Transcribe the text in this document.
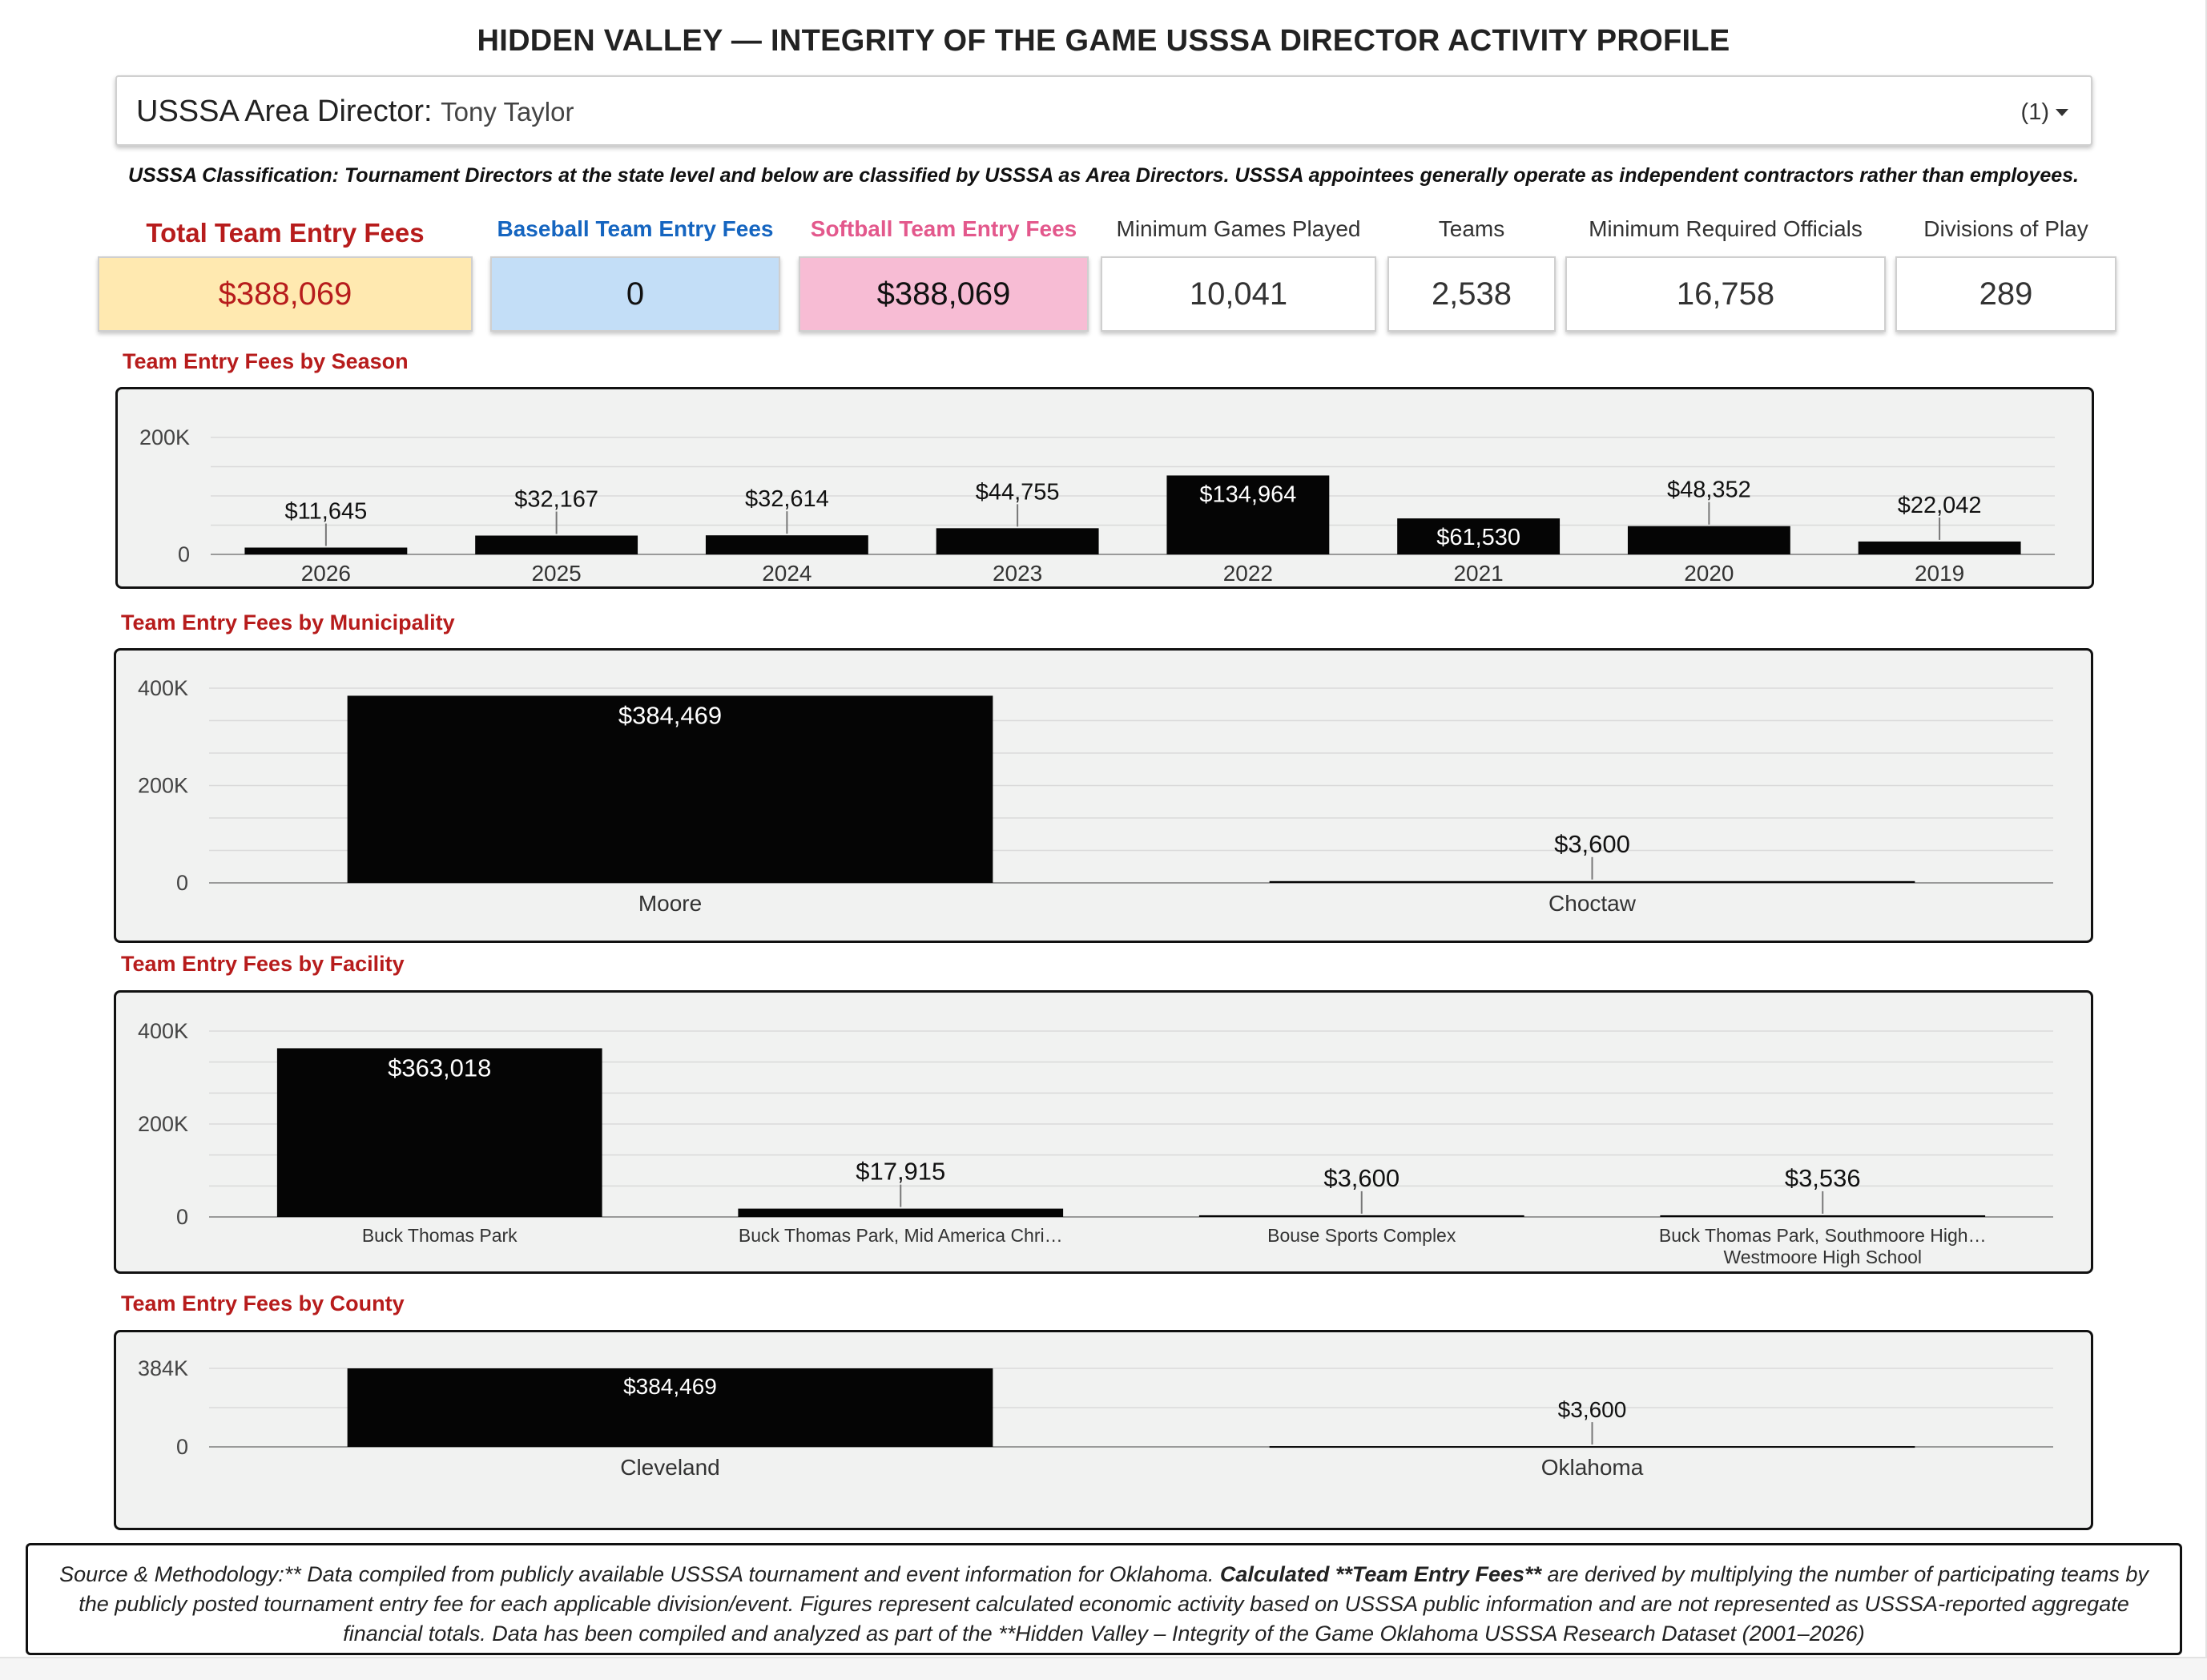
HIDDEN VALLEY — INTEGRITY OF THE GAME USSSA DIRECTOR ACTIVITY PROFILE
USSSA Area Director: Tony Taylor	(1)
USSSA Classification: Tournament Directors at the state level and below are classified by USSSA as Area Directors. USSSA appointees generally operate as independent contractors rather than employees.
Total Team Entry Fees	Baseball Team Entry Fees	Softball Team Entry Fees	Minimum Games Played	Teams	Minimum Required Officials	Divisions of Play
$388,069	0	$388,069	10,041	2,538	16,758	289
Team Entry Fees by Season
0
200K
$11,645
2026
$32,167
2025
$32,614
2024
$44,755
2023
$134,964
2022
$61,530
2021
$48,352
2020
$22,042
2019
Team Entry Fees by Municipality
0
200K
400K
$384,469
Moore
$3,600
Choctaw
Team Entry Fees by Facility
0
200K
400K
$363,018
Buck Thomas Park
$17,915
Buck Thomas Park, Mid America Chri…
$3,600
Bouse Sports Complex
$3,536
Buck Thomas Park, Southmoore High…
Westmoore High School
Team Entry Fees by County
0
384K
$384,469
Cleveland
$3,600
Oklahoma
Source & Methodology:** Data compiled from publicly available USSSA tournament and event information for Oklahoma. Calculated **Team Entry Fees** are derived by multiplying the number of participating teams by the publicly posted tournament entry fee for each applicable division/event. Figures represent calculated economic activity based on USSSA public information and are not represented as USSSA-reported aggregate financial totals. Data has been compiled and analyzed as part of the **Hidden Valley – Integrity of the Game Oklahoma USSSA Research Dataset (2001–2026)
